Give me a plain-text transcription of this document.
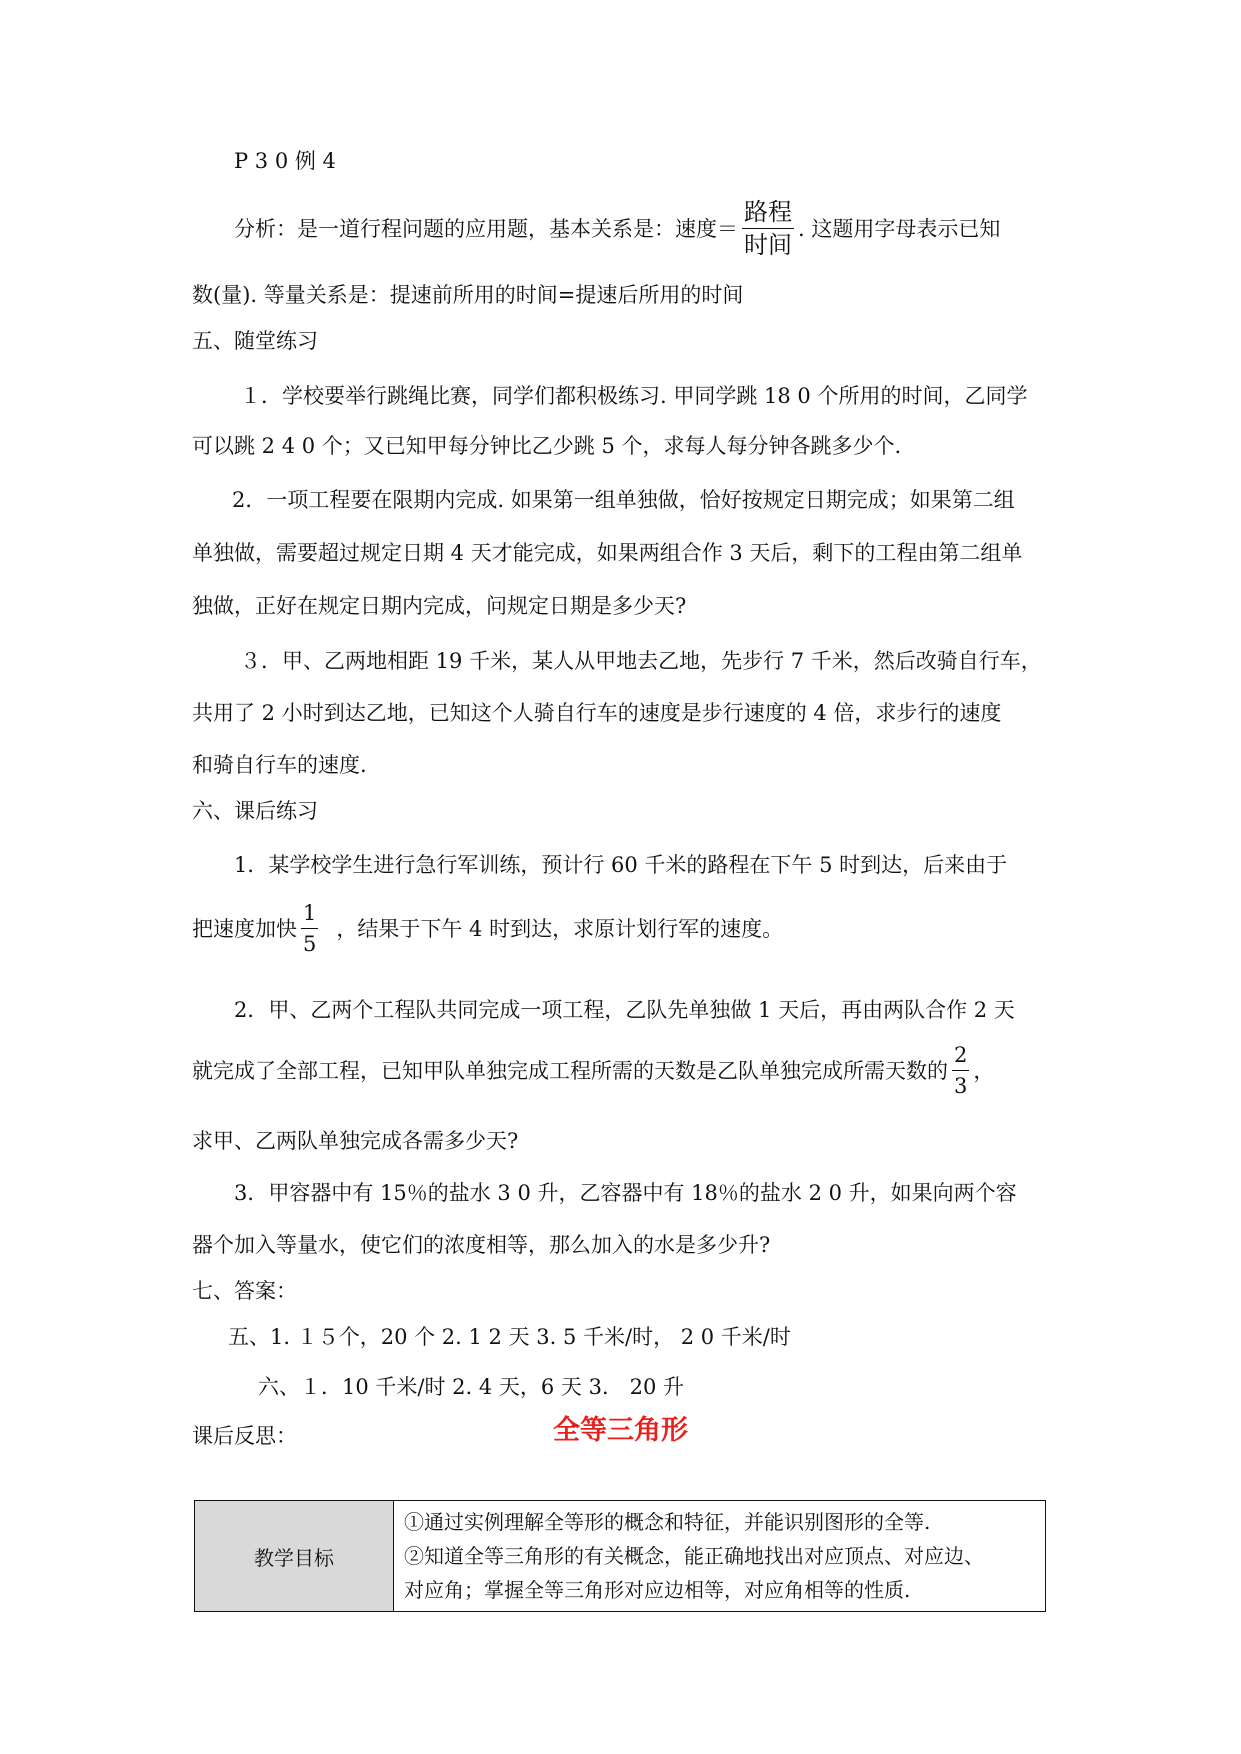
P 3 0 例 4
分析：是一道行程问题的应用题，基本关系是：速度＝ $\frac{\text{路程}}{\text{时间}}$ . 这题用字母表示已知
数(量). 等量关系是：提速前所用的时间=提速后所用的时间
五、随堂练习
１．学校要举行跳绳比赛，同学们都积极练习. 甲同学跳 18 0 个所用的时间，乙同学
可以跳 2 4 0 个；又已知甲每分钟比乙少跳 5 个，求每人每分钟各跳多少个.
2．一项工程要在限期内完成. 如果第一组单独做，恰好按规定日期完成；如果第二组
单独做，需要超过规定日期 4 天才能完成，如果两组合作 3 天后，剩下的工程由第二组单
独做，正好在规定日期内完成，问规定日期是多少天?
３．甲、乙两地相距 19 千米，某人从甲地去乙地，先步行 7 千米，然后改骑自行车，
共用了 2 小时到达乙地，已知这个人骑自行车的速度是步行速度的 4 倍，求步行的速度
和骑自行车的速度.
六、课后练习
1．某学校学生进行急行军训练，预计行 60 千米的路程在下午 5 时到达，后来由于
把速度加快 $\frac{1}{5}$ ，结果于下午 4 时到达，求原计划行军的速度。
2．甲、乙两个工程队共同完成一项工程，乙队先单独做 1 天后，再由两队合作 2 天
就完成了全部工程，已知甲队单独完成工程所需的天数是乙队单独完成所需天数的 $\frac{2}{3}$ ，
求甲、乙两队单独完成各需多少天?
3．甲容器中有 15％的盐水 3 0 升，乙容器中有 18％的盐水 2 0 升，如果向两个容
器个加入等量水，使它们的浓度相等，那么加入的水是多少升?
七、答案：
五、1. １５个，20 个 2. 1 2 天 3. 5 千米/时， 2 0 千米/时
六、１．10 千米/时 2. 4 天，6 天 3． 20 升
课后反思：	全等三角形
教学目标	
①通过实例理解全等形的概念和特征，并能识别图形的全等.
②知道全等三角形的有关概念，能正确地找出对应顶点、对应边、
对应角；掌握全等三角形对应边相等，对应角相等的性质.
